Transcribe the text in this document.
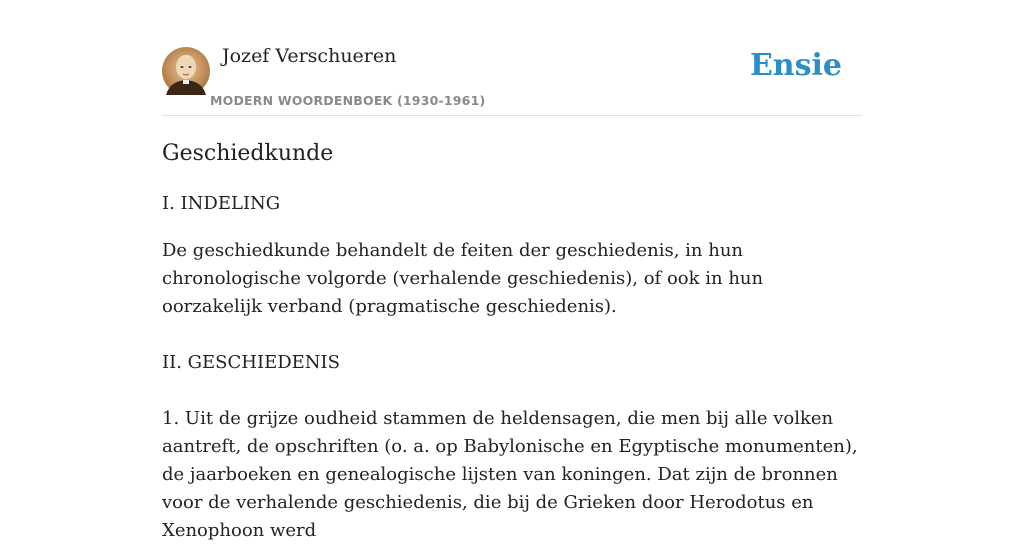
Jozef Verschueren
MODERN WOORDENBOEK (1930-1961)
Ensie
Geschiedkunde

I. INDELING

De geschiedkunde behandelt de feiten der geschiedenis, in hun chronologische volgorde (verhalende geschiedenis), of ook in hun oorzakelijk verband (pragmatische geschiedenis).

II. GESCHIEDENIS

1. Uit de grijze oudheid stammen de heldensagen, die men bij alle volken aantreft, de opschriften (o. a. op Babylonische en Egyptische monumenten), de jaarboeken en genealogische lijsten van koningen. Dat zijn de bronnen voor de verhalende geschiedenis, die bij de Grieken door Herodotus en Xenophoon werd
